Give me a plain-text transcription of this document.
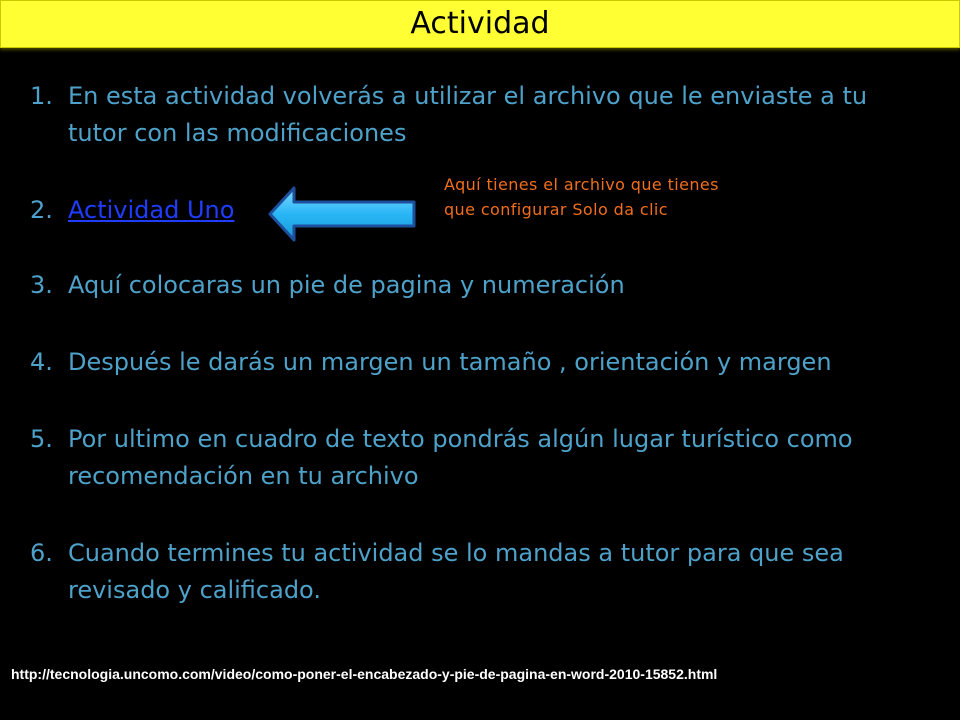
Actividad
1. En esta actividad volverás a utilizar el archivo que le enviaste a tu tutor con las modificaciones
2. Actividad Uno
3. Aquí colocaras un pie de pagina y numeración
4. Después le darás un margen un tamaño , orientación y margen
5. Por ultimo en cuadro de texto pondrás algún lugar turístico como recomendación en tu archivo
6. Cuando termines tu actividad se lo mandas a tutor para que sea revisado y calificado.
Aquí tienes el archivo que tienes que configurar Solo da clic
http://tecnologia.uncomo.com/video/como-poner-el-encabezado-y-pie-de-pagina-en-word-2010-15852.html
